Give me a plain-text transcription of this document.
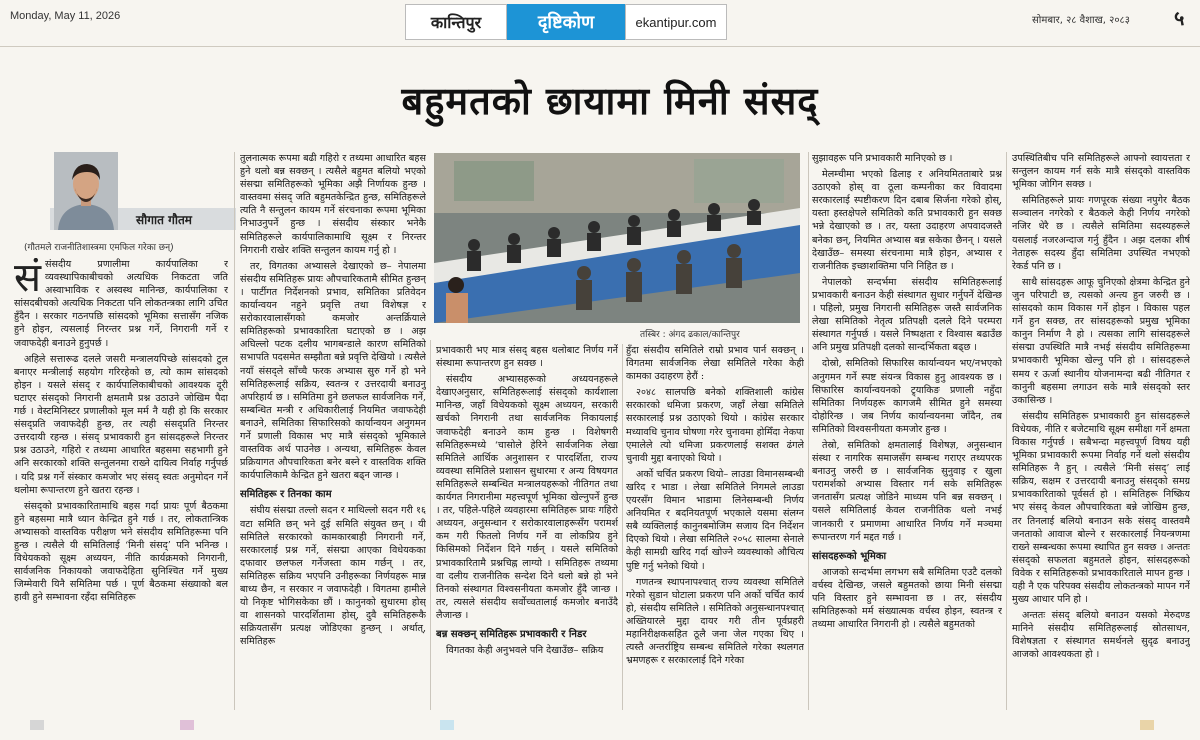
Monday, May 11, 2026	कान्तिपुर	दृष्टिकोण	ekantipur.com	सोमबार, २८ वैशाख, २०८३ ५
बहुमतको छायामा मिनी संसद्
सौगात गौतम
(गौतमले राजनीतिशास्त्रमा एमफिल गरेका छन्)
सं संसदीय प्रणालीमा कार्यपालिका र व्यवस्थापिकाबीचको अत्यधिक निकटता जति अस्वाभाविक र अस्वस्थ मानिन्छ, कार्यपालिका र सांसदबीचको अत्यधिक निकटता पनि लोकतन्त्रका लागि उचित हुँदैन । सरकार गठनपछि सांसदको भूमिका सत्तासँग नजिक हुने होइन, त्यसलाई निरन्तर प्रश्न गर्ने, निगरानी गर्ने र जवाफदेही बनाउने हुनुपर्छ ।

अहिले सत्तारूढ दलले जसरी मन्त्रालयपिच्छे सांसदको टुल बनाएर मन्त्रीलाई सहयोग गरिरहेको छ, त्यो काम सांसदको होइन । यसले संसद् र कार्यपालिकाबीचको आवश्यक दूरी घटाएर संसद्को निगरानी क्षमतामै प्रश्न उठाउने जोखिम पैदा गर्छ । वेस्टमिनिस्टर प्रणालीको मूल मर्म नै यही हो कि सरकार संसद्प्रति जवाफदेही हुन्छ, तर त्यही संसद्प्रति निरन्तर उत्तरदायी रहन्छ । संसद् प्रभावकारी हुन सांसदहरूले निरन्तर प्रश्न उठाउने, गहिरो र तथ्यमा आधारित बहसमा सहभागी हुने अनि सरकारको शक्ति सन्तुलनमा राख्ने दायित्व निर्वाह गर्नुपर्छ । यदि प्रश्न गर्ने संस्कार कमजोर भए संसद् स्वतः अनुमोदन गर्ने थलोमा रूपान्तरण हुने खतरा रहन्छ ।

संसद्को प्रभावकारितामाथि बहस गर्दा प्रायः पूर्ण बैठकमा हुने बहसमा मात्रै ध्यान केन्द्रित हुने गर्छ । तर, लोकतान्त्रिक अभ्यासको वास्तविक परीक्षण भने संसदीय समितिहरूमा पनि हुन्छ । त्यसैले यी समितिलाई ‘मिनी संसद्’ पनि भनिन्छ । विधेयकको सूक्ष्म अध्ययन, नीति कार्यक्रमको निगरानी, सार्वजनिक निकायको जवाफदेहिता सुनिश्चित गर्ने मुख्य जिम्मेवारी यिनै समितिमा पर्छ । पूर्ण बैठकमा संख्याको बल हावी हुने सम्भावना रहँदा समितिहरू

तुलनात्मक रूपमा बढी गहिरो र तथ्यमा आधारित बहस हुने थलो बन्न सक्छन् । त्यसैले बहुमत बलियो भएको संसद्मा समितिहरूको भूमिका अझै निर्णायक हुन्छ । वास्तवमा संसद् जति बहुमतकेन्द्रित हुन्छ, समितिहरूले त्यति नै सन्तुलन कायम गर्ने संरचनाका रूपमा भूमिका निभाउनुपर्ने हुन्छ । संसदीय संस्कार भनेकै समितिहरूले कार्यपालिकामाथि सूक्ष्म र निरन्तर निगरानी राखेर शक्ति सन्तुलन कायम गर्नु हो ।

तर, विगतका अभ्यासले देखाएको छ– नेपालमा संसदीय समितिहरू प्रायः औपचारिकतामै सीमित हुन्छन् । पार्टीगत निर्देशनको प्रभाव, समितिका प्रतिवेदन कार्यान्वयन नहुने प्रवृत्ति तथा विशेषज्ञ र सरोकारवालासँगको कमजोर अन्तर्क्रियाले समितिहरूको प्रभावकारिता घटाएको छ । अझ अघिल्लो पटक दलीय भागबन्डाले कारण समितिको सभापति पदसमेत सम्झौता बन्ने प्रवृत्ति देखियो । त्यसैले नयाँ संसद्ले साँच्चै फरक अभ्यास सुरु गर्ने हो भने समितिहरूलाई सक्रिय, स्वतन्त्र र उत्तरदायी बनाउनु अपरिहार्य छ । समितिमा हुने छलफल सार्वजनिक गर्ने, सम्बन्धित मन्त्री र अधिकारीलाई नियमित जवाफदेही बनाउने, समितिका सिफारिसको कार्यान्वयन अनुगमन गर्ने प्रणाली विकास भए मात्रै संसद्को भूमिकाले वास्तविक अर्थ पाउनेछ । अन्यथा, समितिहरू केवल प्रक्रियागत औपचारिकता बनेर बस्ने र वास्तविक शक्ति कार्यपालिकामै केन्द्रित हुने खतरा बढ्न जान्छ ।

समितिहरू र तिनका काम

संघीय संसद्मा तल्लो सदन र माथिल्लो सदन गरी १६ वटा समिति छन् भने दुई समिति संयुक्त छन् । यी समितिले सरकारको कामकारबाही निगरानी गर्ने, सरकारलाई प्रश्न गर्ने, संसद्मा आएका विधेयकका दफावार छलफल गर्नेजस्ता काम गर्छन् । तर, समितिहरू सक्रिय भएपनि उनीहरूका निर्णयहरू मान्न बाध्य छैन, न सरकार न जवाफदेही । विगतमा हामीले यो निकृष्ट भोगिसकेका छौं । कानुनको सुधारमा होस् वा शासनको पारदर्शितामा होस्, दुवै समितिहरूकै सक्रियतासँग प्रत्यक्ष जोडिएका हुन्छन् । अर्थात्, समितिहरू

तस्बिर : अंगद ढकाल/कान्तिपुर

प्रभावकारी भए मात्र संसद् बहस थलोबाट निर्णय गर्ने संस्थामा रूपान्तरण हुन सक्छ ।

संसदीय अभ्यासहरूको अध्ययनहरूले देखाएअनुसार, समितिहरूलाई संसद्को कार्यशाला मानिन्छ, जहाँ विधेयकको सूक्ष्म अध्ययन, सरकारी खर्चको निगरानी तथा सार्वजनिक निकायलाई जवाफदेही बनाउने काम हुन्छ । विशेषगरी समितिहरूमध्ये ‘चासोले हेरिने सार्वजनिक लेखा समितिले आर्थिक अनुशासन र पारदर्शिता, राज्य व्यवस्था समितिले प्रशासन सुधारमा र अन्य विषयगत समितिहरूले सम्बन्धित मन्त्रालयहरूको नीतिगत तथा कार्यगत निगरानीमा महत्त्वपूर्ण भूमिका खेल्नुपर्ने हुन्छ । तर, पहिले-पहिले व्यवहारमा समितिहरू प्रायः गहिरो अध्ययन, अनुसन्धान र सरोकारवालाहरूसँग परामर्श कम गरी फितलो निर्णय गर्ने वा लोकप्रिय हुने किसिमको निर्देशन दिने गर्छन् । यसले समितिको प्रभावकारितामै प्रश्नचिह्न लाग्यो । समितिहरू तथ्यमा वा दलीय राजनीतिक सन्देश दिने थलो बन्ने हो भने तिनको संस्थागत विश्वसनीयता कमजोर हुँदै जान्छ । तर, त्यसले संसदीय सर्वोच्चतालाई कमजोर बनाउँदै लैजान्छ ।

बन्न सक्छन् समितिहरू प्रभावकारी र निडर

विगतका केही अनुभवले पनि देखाउँछ– सक्रिय

हुँदा संसदीय समितिले राम्रो प्रभाव पार्न सक्छन् । विगतमा सार्वजनिक लेखा समितिले गरेका केही कामका उदाहरण हेरौं :

२०४८ सालपछि बनेको शक्तिशाली कांग्रेस सरकारको धमिजा प्रकरण, जहाँ लेखा समितिले सरकारलाई प्रश्न उठाएको थियो । कांग्रेस सरकार मध्यावधि चुनाव घोषणा गरेर चुनावमा होमिँदा नेकपा एमालेले त्यो धमिजा प्रकरणलाई सशक्त ढंगले चुनावी मुद्दा बनाएको थियो ।

अर्को चर्चित प्रकरण थियो– लाउडा विमानसम्बन्धी खरिद र भाडा । लेखा समितिले निगमले लाउडा एयरसँग विमान भाडामा लिनेसम्बन्धी निर्णय अनियमित र बदनियतपूर्ण भएकाले यसमा संलग्न सबै व्यक्तिलाई कानुनबमोजिम सजाय दिन निर्देशन दिएको थियो । लेखा समितिले २०५८ सालमा सेनाले केही सामग्री खरिद गर्दा खोज्ने व्यवस्थाको औचित्य पुष्टि गर्नु भनेको थियो ।

गणतन्त्र स्थापनापश्चात् राज्य व्यवस्था समितिले गरेको सुडान घोटाला प्रकरण पनि अर्को चर्चित कार्य हो, संसदीय समितिले । समितिको अनुसन्धानपश्चात् अख्तियारले मुद्दा दायर गरी तीन पूर्वप्रहरी महानिरीक्षकसहित ठूलै जना जेल गएका थिए । त्यस्तै अन्तर्राष्ट्रिय सम्बन्ध समितिले गरेका स्थलगत भ्रमणहरू र सरकारलाई दिने गरेका

सुझावहरू पनि प्रभावकारी मानिएको छ ।

मेलम्चीमा भएको ढिलाइ र अनियमितताबारे प्रश्न उठाएको होस् वा ठूला कम्पनीका कर विवादमा सरकारलाई स्पष्टीकरण दिन दबाब सिर्जना गरेको होस्, यस्ता हस्तक्षेपले समितिको कति प्रभावकारी हुन सक्छ भन्ने देखाएको छ । तर, यस्ता उदाहरण अपवादजस्तै बनेका छन्, नियमित अभ्यास बन्न सकेका छैनन् । यसले देखाउँछ– समस्या संरचनामा मात्रै होइन, अभ्यास र राजनीतिक इच्छाशक्तिमा पनि निहित छ ।

नेपालको सन्दर्भमा संसदीय समितिहरूलाई प्रभावकारी बनाउन केही संस्थागत सुधार गर्नुपर्ने देखिन्छ । पहिलो, प्रमुख निगरानी समितिहरू जस्तै सार्वजनिक लेखा समितिको नेतृत्व प्रतिपक्षी दलले दिने परम्परा संस्थागत गर्नुपर्छ । यसले निष्पक्षता र विश्वास बढाउँछ अनि प्रमुख प्रतिपक्षी दलको सान्दर्भिकता बढ्छ ।

दोस्रो, समितिको सिफारिस कार्यान्वयन भए/नभएको अनुगमन गर्ने स्पष्ट संयन्त्र विकास हुनु आवश्यक छ । सिफारिस कार्यान्वयनको ट्र्याकिङ प्रणाली नहुँदा समितिका निर्णयहरू कागजमै सीमित हुने समस्या दोहोरिन्छ । जब निर्णय कार्यान्वयनमा जाँदैन, तब समितिको विश्वसनीयता कमजोर हुन्छ ।

तेस्रो, समितिको क्षमतालाई विशेषज्ञ, अनुसन्धान संस्था र नागरिक समाजसँग सम्बन्ध गराएर तथ्यपरक बनाउनु जरुरी छ । सार्वजनिक सुनुवाइ र खुला परामर्शको अभ्यास विस्तार गर्न सके समितिहरू जनतासँग प्रत्यक्ष जोडिने माध्यम पनि बन्न सक्छन् । यसले समितिलाई केवल राजनीतिक थलो नभई जानकारी र प्रमाणमा आधारित निर्णय गर्ने मञ्चमा रूपान्तरण गर्न मद्दत गर्छ ।

सांसदहरूको भूमिका

आजको सन्दर्भमा लगभग सबै समितिमा एउटै दलको वर्चस्व देखिन्छ, जसले बहुमतको छाया मिनी संसद्मा पनि विस्तार हुने सम्भावना छ । तर, संसदीय समितिहरूको मर्म संख्यात्मक वर्चस्व होइन, स्वतन्त्र र तथ्यमा आधारित निगरानी हो । त्यसैले बहुमतको

उपस्थितिबीच पनि समितिहरूले आफ्नो स्वायत्तता र सन्तुलन कायम गर्न सके मात्रै संसद्को वास्तविक भूमिका जोगिन सक्छ ।

समितिहरूले प्रायः गणपूरक संख्या नपुगेर बैठक सञ्चालन नगरेको र बैठकले केही निर्णय नगरेको नजिर धेरै छ । त्यसैले समितिमा सदस्यहरूले यसलाई नजरअन्दाज गर्नु हुँदैन । अझ दलका शीर्ष नेताहरू सदस्य हुँदा समितिमा उपस्थित नभएको रेकर्ड पनि छ ।

साथै सांसदहरू आफू चुनिएको क्षेत्रमा केन्द्रित हुने जुन परिपाटी छ, त्यसको अन्त्य हुन जरुरी छ । सांसदको काम विकास गर्ने होइन । विकास पहल गर्ने हुन सक्छ, तर सांसदहरूको प्रमुख भूमिका कानुन निर्माण नै हो । त्यसका लागि सांसदहरूले संसद्मा उपस्थिति मात्रै नभई संसदीय समितिहरूमा प्रभावकारी भूमिका खेल्नु पनि हो । सांसदहरूले समय र ऊर्जा स्थानीय योजनामन्दा बढी नीतिगत र कानुनी बहसमा लगाउन सके मात्रै संसद्को स्तर उकासिन्छ ।

संसदीय समितिहरू प्रभावकारी हुन सांसदहरूले विधेयक, नीति र बजेटमाथि सूक्ष्म समीक्षा गर्ने क्षमता विकास गर्नुपर्छ । सबैभन्दा महत्त्वपूर्ण विषय यही भूमिका प्रभावकारी रूपमा निर्वाह गर्ने थलो संसदीय समितिहरू नै हुन् । त्यसैले ‘मिनी संसद्’ लाई सक्रिय, सक्षम र उत्तरदायी बनाउनु संसद्को समग्र प्रभावकारिताको पूर्वसर्त हो । समितिहरू निष्क्रिय भए संसद् केवल औपचारिकता बन्ने जोखिम हुन्छ, तर तिनलाई बलियो बनाउन सके संसद् वास्तवमै जनताको आवाज बोल्ने र सरकारलाई नियन्त्रणमा राख्ने सम्बन्धका रूपमा स्थापित हुन सक्छ । अन्ततः संसद्को सफलता बहुमतले होइन, सांसदहरूको विवेक र समितिहरूको प्रभावकारिताले मापन हुन्छ । यही नै एक परिपक्व संसदीय लोकतन्त्रको मापन गर्ने मुख्य आधार पनि हो ।

अन्ततः संसद् बलियो बनाउन यसको मेरुदण्ड मानिने संसदीय समितिहरूलाई स्रोतसाधन, विशेषज्ञता र संस्थागत समर्थनले सुदृढ बनाउनु आजको आवश्यकता हो ।
